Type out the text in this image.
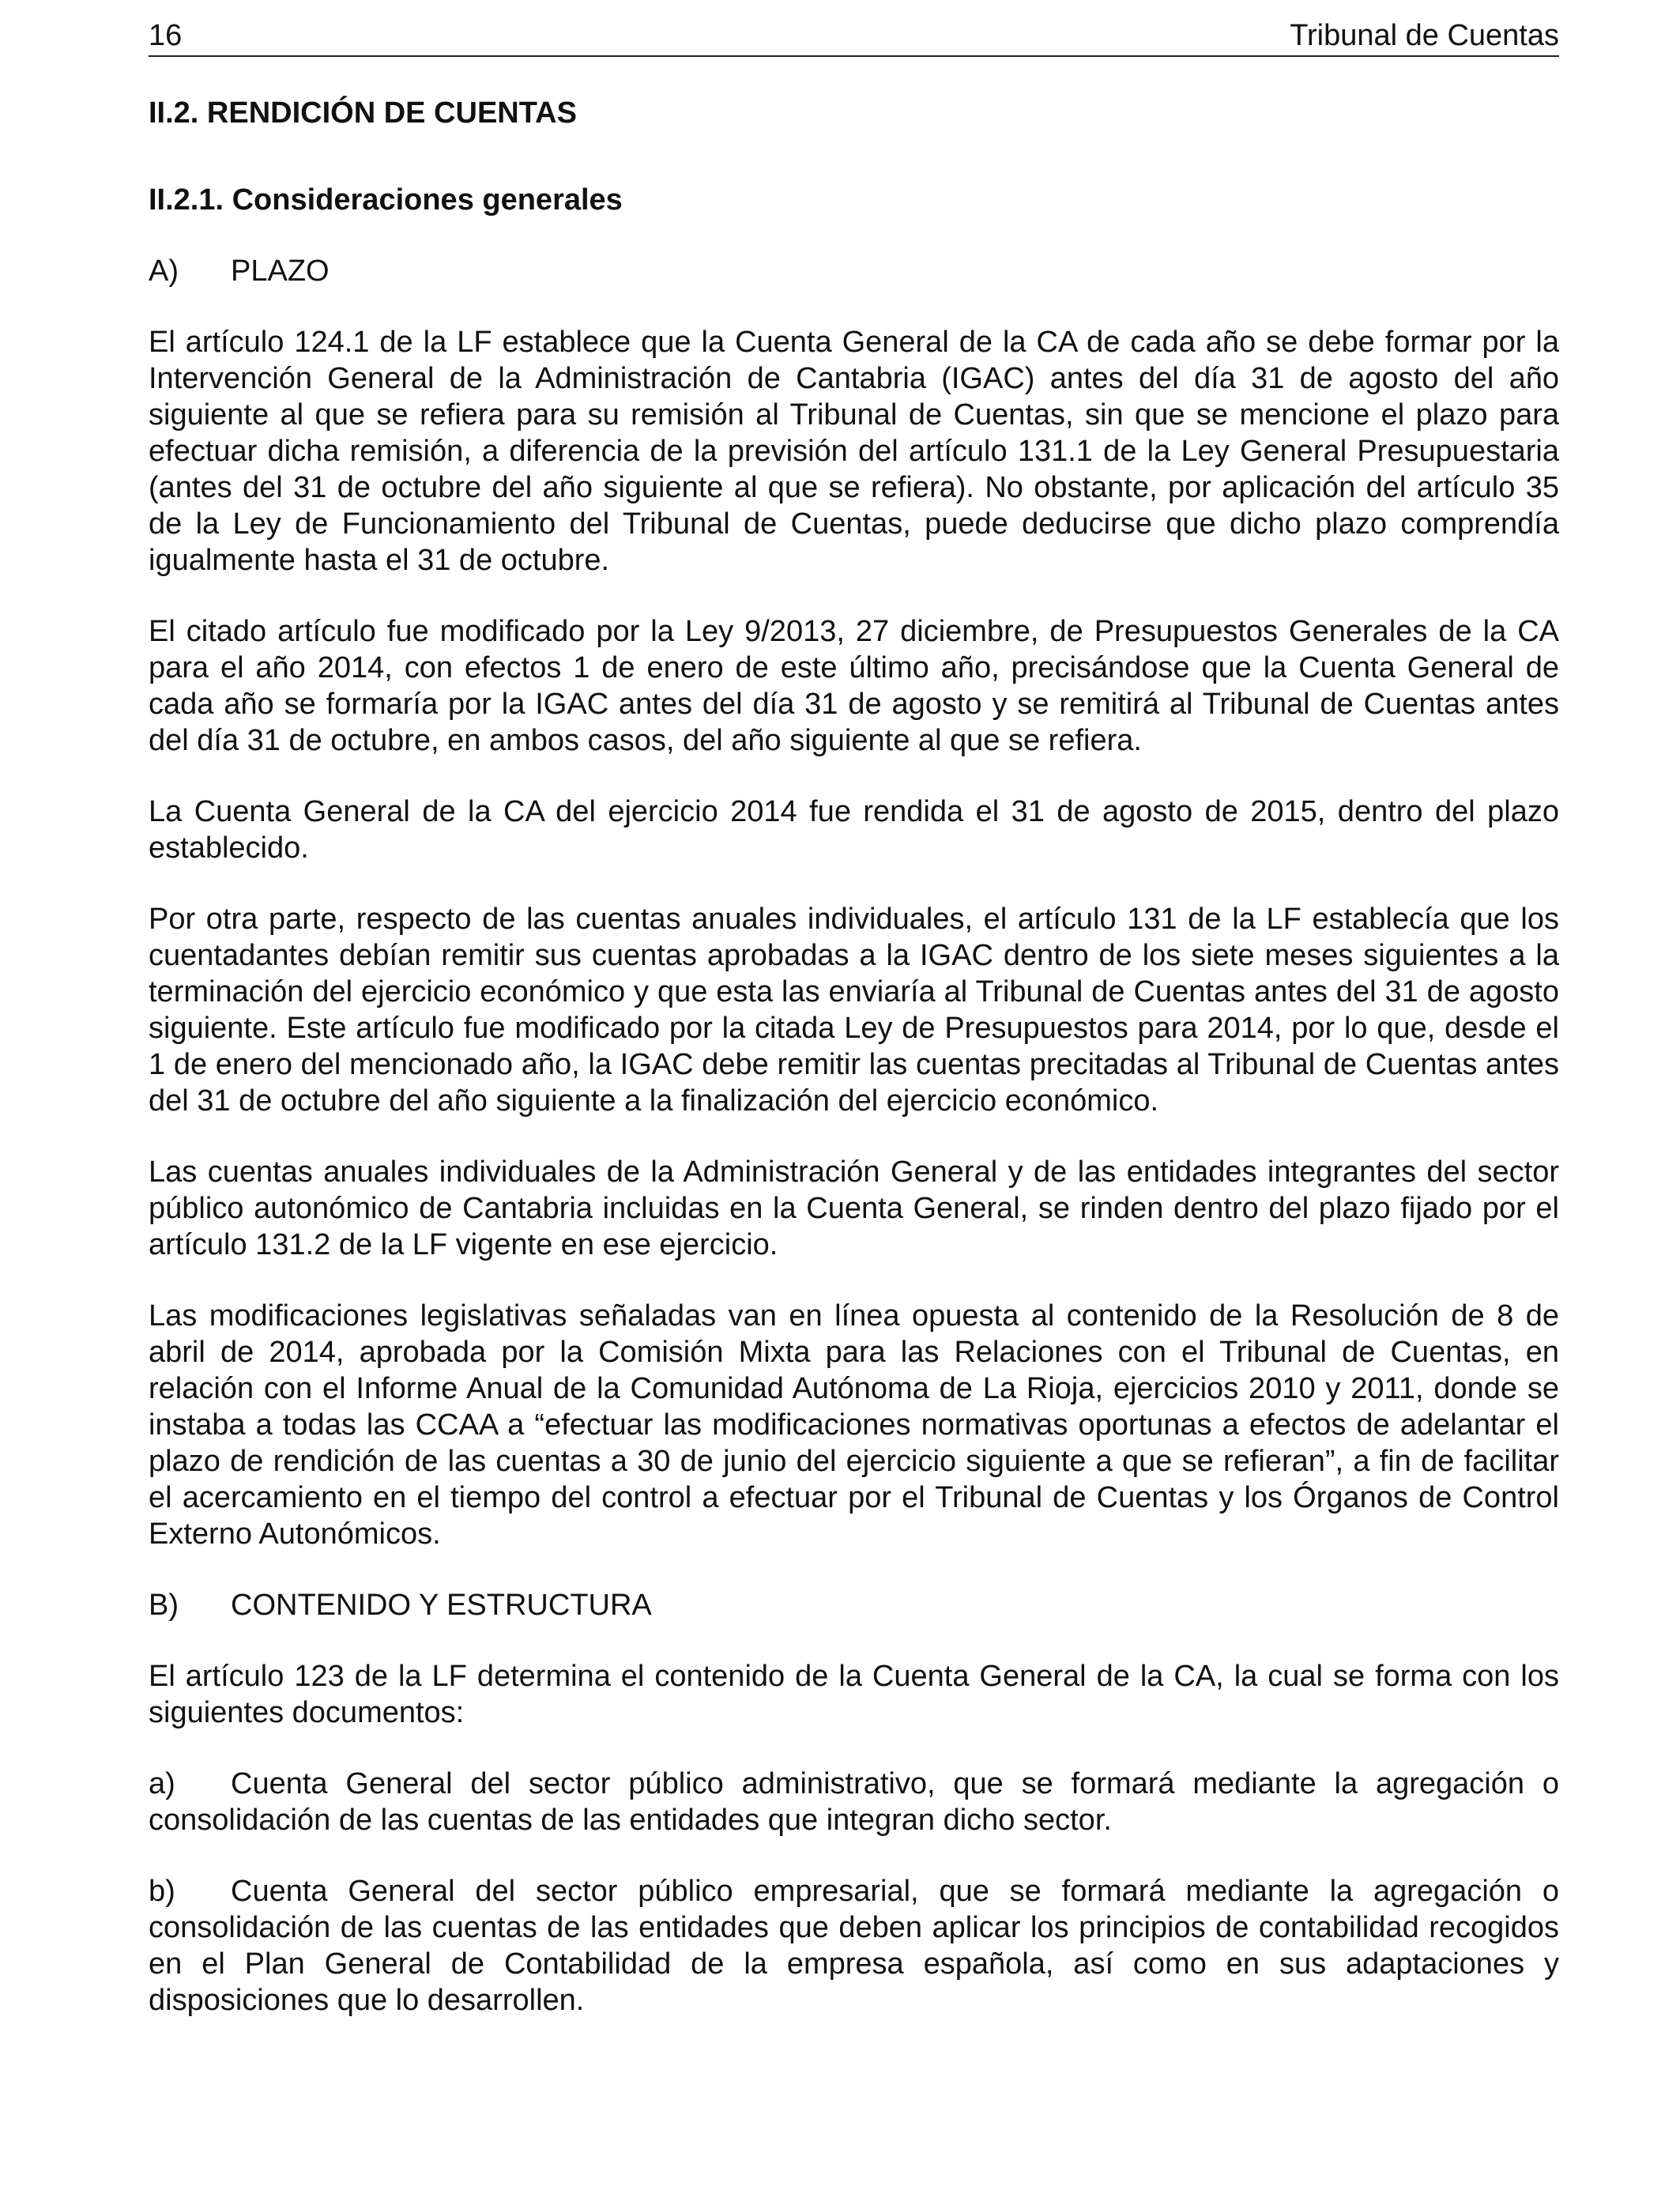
16	Tribunal de Cuentas

II.2. RENDICIÓN DE CUENTAS

II.2.1. Consideraciones generales

A)	PLAZO

El artículo 124.1 de la LF establece que la Cuenta General de la CA de cada año se debe formar por la Intervención General de la Administración de Cantabria (IGAC) antes del día 31 de agosto del año siguiente al que se refiera para su remisión al Tribunal de Cuentas, sin que se mencione el plazo para efectuar dicha remisión, a diferencia de la previsión del artículo 131.1 de la Ley General Presupuestaria (antes del 31 de octubre del año siguiente al que se refiera). No obstante, por aplicación del artículo 35 de la Ley de Funcionamiento del Tribunal de Cuentas, puede deducirse que dicho plazo comprendía igualmente hasta el 31 de octubre.

El citado artículo fue modificado por la Ley 9/2013, 27 diciembre, de Presupuestos Generales de la CA para el año 2014, con efectos 1 de enero de este último año, precisándose que la Cuenta General de cada año se formaría por la IGAC antes del día 31 de agosto y se remitirá al Tribunal de Cuentas antes del día 31 de octubre, en ambos casos, del año siguiente al que se refiera.

La Cuenta General de la CA del ejercicio 2014 fue rendida el 31 de agosto de 2015, dentro del plazo establecido.

Por otra parte, respecto de las cuentas anuales individuales, el artículo 131 de la LF establecía que los cuentadantes debían remitir sus cuentas aprobadas a la IGAC dentro de los siete meses siguientes a la terminación del ejercicio económico y que esta las enviaría al Tribunal de Cuentas antes del 31 de agosto siguiente. Este artículo fue modificado por la citada Ley de Presupuestos para 2014, por lo que, desde el 1 de enero del mencionado año, la IGAC debe remitir las cuentas precitadas al Tribunal de Cuentas antes del 31 de octubre del año siguiente a la finalización del ejercicio económico.

Las cuentas anuales individuales de la Administración General y de las entidades integrantes del sector público autonómico de Cantabria incluidas en la Cuenta General, se rinden dentro del plazo fijado por el artículo 131.2 de la LF vigente en ese ejercicio.

Las modificaciones legislativas señaladas van en línea opuesta al contenido de la Resolución de 8 de abril de 2014, aprobada por la Comisión Mixta para las Relaciones con el Tribunal de Cuentas, en relación con el Informe Anual de la Comunidad Autónoma de La Rioja, ejercicios 2010 y 2011, donde se instaba a todas las CCAA a “efectuar las modificaciones normativas oportunas a efectos de adelantar el plazo de rendición de las cuentas a 30 de junio del ejercicio siguiente a que se refieran”, a fin de facilitar el acercamiento en el tiempo del control a efectuar por el Tribunal de Cuentas y los Órganos de Control Externo Autonómicos.

B)	CONTENIDO Y ESTRUCTURA

El artículo 123 de la LF determina el contenido de la Cuenta General de la CA, la cual se forma con los siguientes documentos:

a) Cuenta General del sector público administrativo, que se formará mediante la agregación o consolidación de las cuentas de las entidades que integran dicho sector.

b) Cuenta General del sector público empresarial, que se formará mediante la agregación o consolidación de las cuentas de las entidades que deben aplicar los principios de contabilidad recogidos en el Plan General de Contabilidad de la empresa española, así como en sus adaptaciones y disposiciones que lo desarrollen.
